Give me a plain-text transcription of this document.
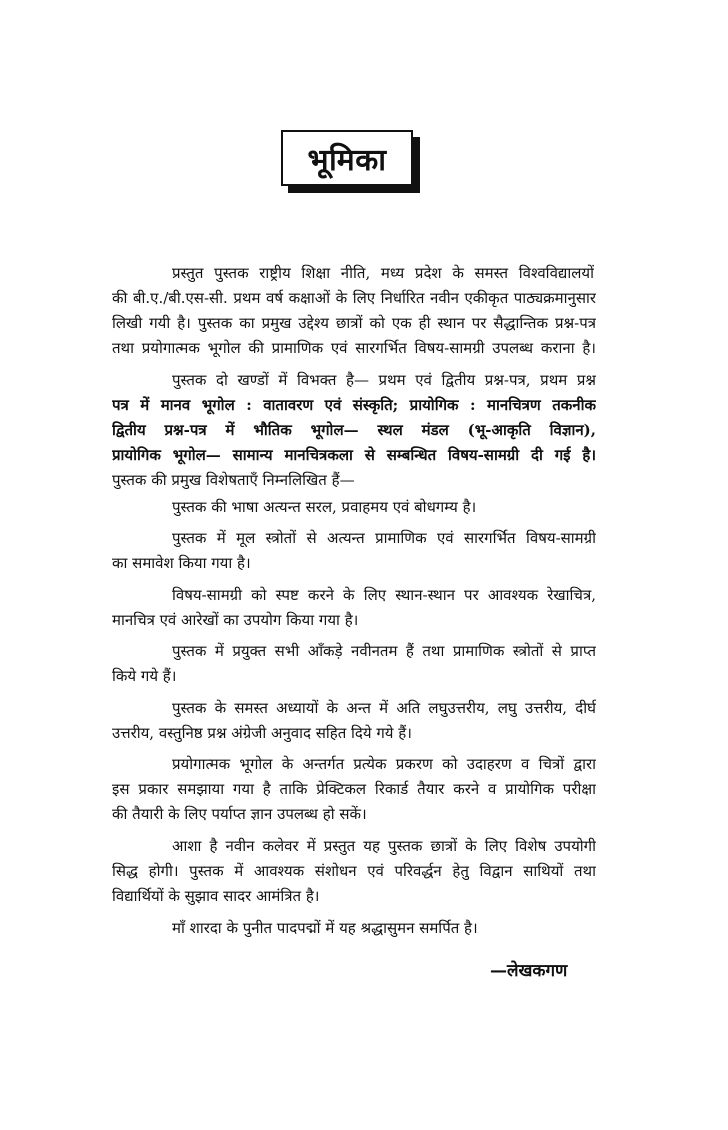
भूमिका
प्रस्तुत पुस्तक राष्ट्रीय शिक्षा नीति, मध्य प्रदेश के समस्त विश्वविद्यालयों
की बी.ए./बी.एस-सी. प्रथम वर्ष कक्षाओं के लिए निर्धारित नवीन एकीकृत पाठ्यक्रमानुसार
लिखी गयी है। पुस्तक का प्रमुख उद्देश्य छात्रों को एक ही स्थान पर सैद्धान्तिक प्रश्न-पत्र
तथा प्रयोगात्मक भूगोल की प्रामाणिक एवं सारगर्भित विषय-सामग्री उपलब्ध कराना है।
पुस्तक दो खण्डों में विभक्त है— प्रथम एवं द्वितीय प्रश्न-पत्र, प्रथम प्रश्न
पत्र में मानव भूगोल : वातावरण एवं संस्कृति; प्रायोगिक : मानचित्रण तकनीक
द्वितीय प्रश्न-पत्र में भौतिक भूगोल— स्थल मंडल (भू-आकृति विज्ञान),
प्रायोगिक भूगोल— सामान्य मानचित्रकला से सम्बन्धित विषय-सामग्री दी गई है।
पुस्तक की प्रमुख विशेषताएँ निम्नलिखित हैं—
पुस्तक की भाषा अत्यन्त सरल, प्रवाहमय एवं बोधगम्य है।
पुस्तक में मूल स्त्रोतों से अत्यन्त प्रामाणिक एवं सारगर्भित विषय-सामग्री
का समावेश किया गया है।
विषय-सामग्री को स्पष्ट करने के लिए स्थान-स्थान पर आवश्यक रेखाचित्र,
मानचित्र एवं आरेखों का उपयोग किया गया है।
पुस्तक में प्रयुक्त सभी आँकड़े नवीनतम हैं तथा प्रामाणिक स्त्रोतों से प्राप्त
किये गये हैं।
पुस्तक के समस्त अध्यायों के अन्त में अति लघुउत्तरीय, लघु उत्तरीय, दीर्घ
उत्तरीय, वस्तुनिष्ठ प्रश्न अंग्रेजी अनुवाद सहित दिये गये हैं।
प्रयोगात्मक भूगोल के अन्तर्गत प्रत्येक प्रकरण को उदाहरण व चित्रों द्वारा
इस प्रकार समझाया गया है ताकि प्रेक्टिकल रिकार्ड तैयार करने व प्रायोगिक परीक्षा
की तैयारी के लिए पर्याप्त ज्ञान उपलब्ध हो सकें।
आशा है नवीन कलेवर में प्रस्तुत यह पुस्तक छात्रों के लिए विशेष उपयोगी
सिद्ध होगी। पुस्तक में आवश्यक संशोधन एवं परिवर्द्धन हेतु विद्वान साथियों तथा
विद्यार्थियों के सुझाव सादर आमंत्रित है।
माँ शारदा के पुनीत पादपद्मों में यह श्रद्धासुमन समर्पित है।
—लेखकगण
